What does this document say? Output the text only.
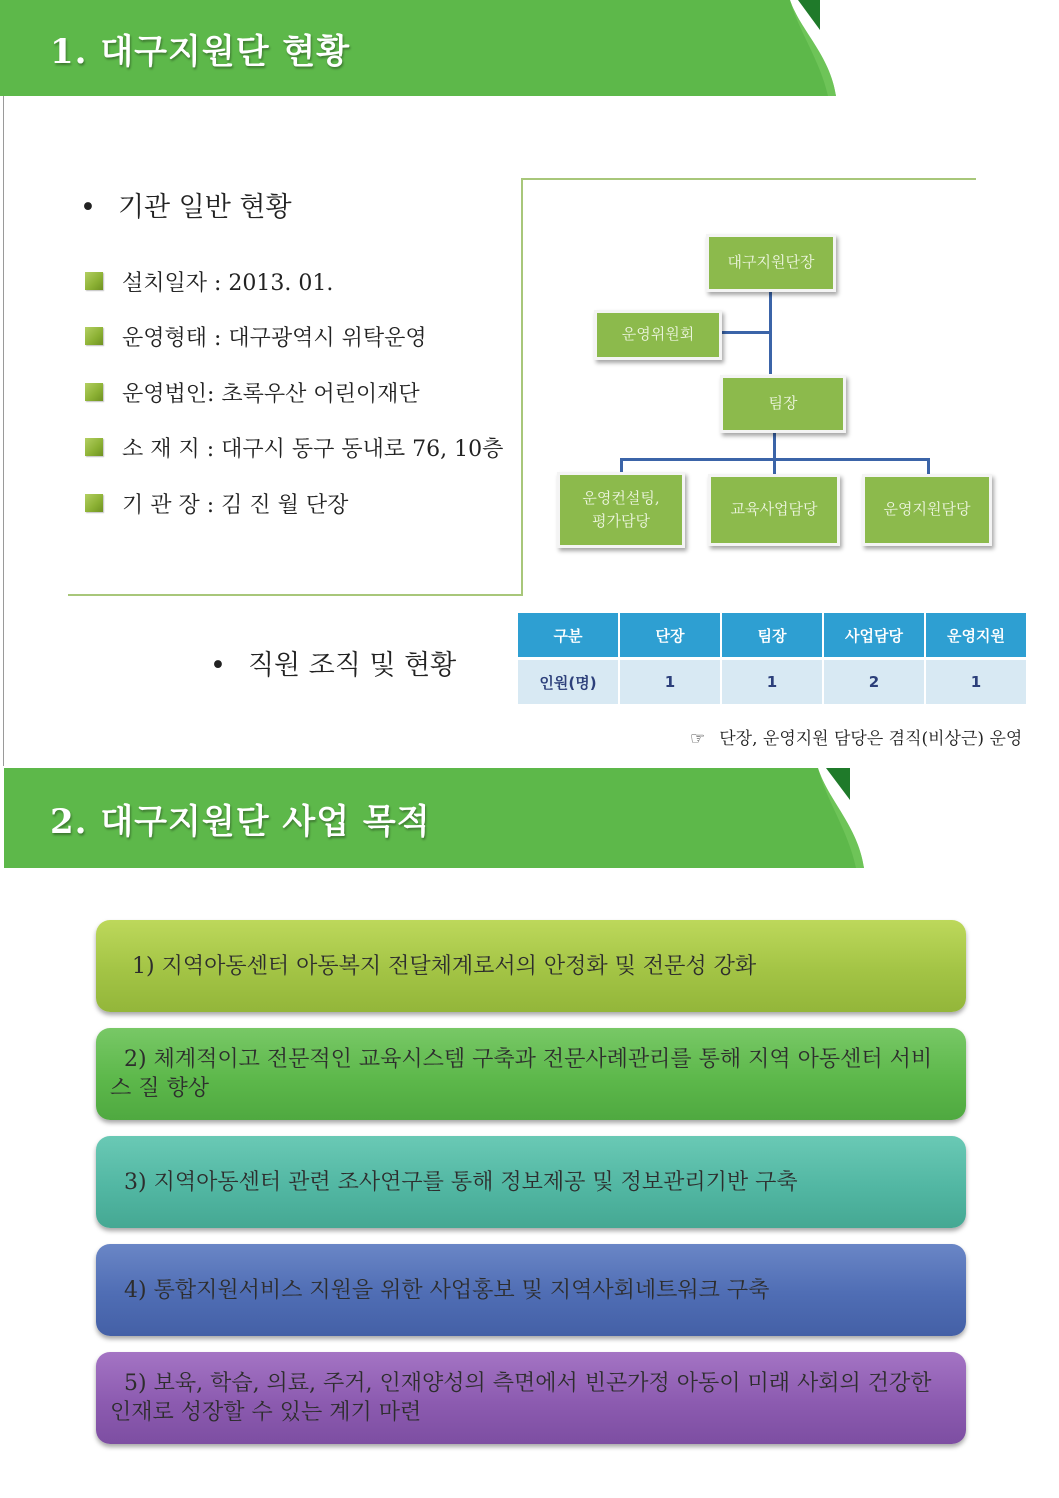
1. 대구지원단 현황
• 기관 일반 현황
설치일자 : 2013. 01.
운영형태 : 대구광역시 위탁운영
운영법인: 초록우산 어린이재단
소 재 지 : 대구시 동구 동내로 76, 10층
기 관 장 : 김 진 월 단장
대구지원단장
운영위원회
팀장
운영컨설팅,
평가담당
교육사업담당	운영지원담당
• 직원 조직 및 현황
구분	단장	팀장	사업담당	운영지원
인원(명)	1	1	2	1
☞ 단장, 운영지원 담당은 겸직(비상근) 운영
2. 대구지원단 사업 목적
1) 지역아동센터 아동복지 전달체계로서의 안정화 및 전문성 강화
2) 체계적이고 전문적인 교육시스템 구축과 전문사례관리를 통해 지역 아동센터 서비스 질 향상
3) 지역아동센터 관련 조사연구를 통해 정보제공 및 정보관리기반 구축
4) 통합지원서비스 지원을 위한 사업홍보 및 지역사회네트워크 구축
5) 보육, 학습, 의료, 주거, 인재양성의 측면에서 빈곤가정 아동이 미래 사회의 건강한 인재로 성장할 수 있는 계기 마련
